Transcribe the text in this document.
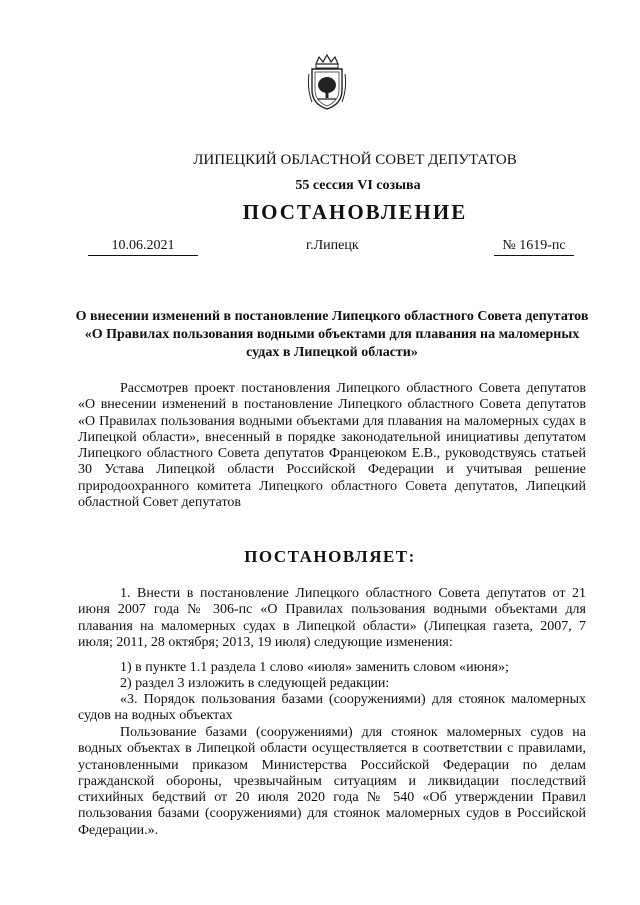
ЛИПЕЦКИЙ ОБЛАСТНОЙ СОВЕТ ДЕПУТАТОВ
55 сессия VI созыва
ПОСТАНОВЛЕНИЕ
10.06.2021	г.Липецк	№ 1619-пс
О внесении изменений в постановление Липецкого областного Совета депутатов «О Правилах пользования водными объектами для плавания на маломерных судах в Липецкой области»

Рассмотрев проект постановления Липецкого областного Совета депутатов «О внесении изменений в постановление Липецкого областного Совета депутатов «О Правилах пользования водными объектами для плавания на маломерных судах в Липецкой области», внесенный в порядке законодательной инициативы депутатом Липецкого областного Совета депутатов Францеюком Е.В., руководствуясь статьей 30 Устава Липецкой области Российской Федерации и учитывая решение природоохранного комитета Липецкого областного Совета депутатов, Липецкий областной Совет депутатов

ПОСТАНОВЛЯЕТ:

1. Внести в постановление Липецкого областного Совета депутатов от 21 июня 2007 года № 306-пс «О Правилах пользования водными объектами для плавания на маломерных судах в Липецкой области» (Липецкая газета, 2007, 7 июля; 2011, 28 октября; 2013, 19 июля) следующие изменения:

1) в пункте 1.1 раздела 1 слово «июля» заменить словом «июня»;

2) раздел 3 изложить в следующей редакции:

«3. Порядок пользования базами (сооружениями) для стоянок маломерных судов на водных объектах

Пользование базами (сооружениями) для стоянок маломерных судов на водных объектах в Липецкой области осуществляется в соответствии с правилами, установленными приказом Министерства Российской Федерации по делам гражданской обороны, чрезвычайным ситуациям и ликвидации последствий стихийных бедствий от 20 июля 2020 года № 540 «Об утверждении Правил пользования базами (сооружениями) для стоянок маломерных судов в Российской Федерации.».
